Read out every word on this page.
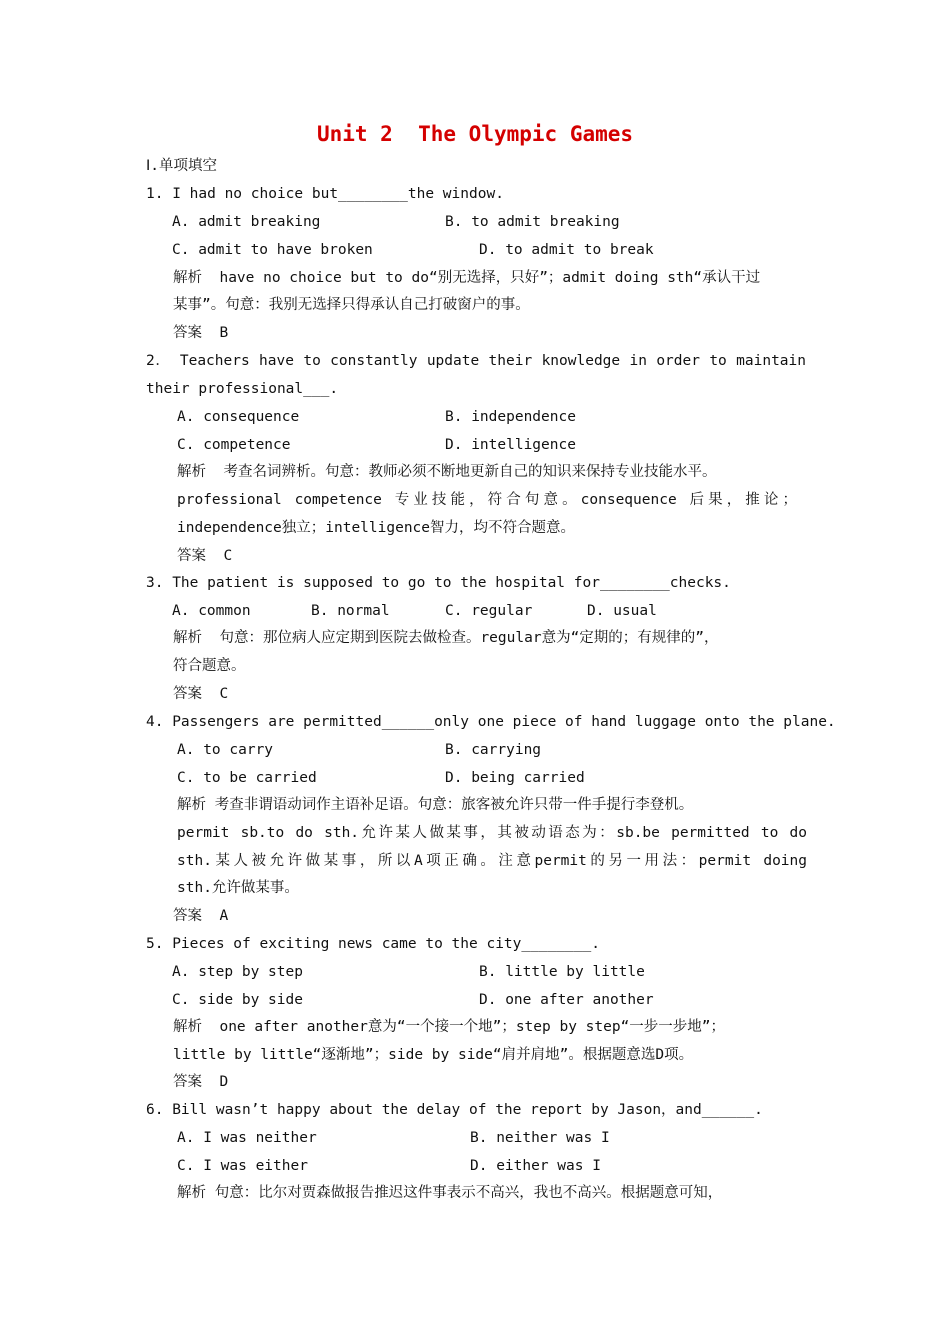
Unit 2  The Olympic Games
Ⅰ.单项填空
1. I had no choice but________the window.
A. admit breaking	B. to admit breaking
C. admit to have broken	D. to admit to break
解析  have no choice but to do“别无选择，只好”；admit doing sth“承认干过
某事”。句意：我别无选择只得承认自己打破窗户的事。
答案  B
2． Teachers have to constantly update their knowledge in order to maintain
their professional___.
A. consequence	B. independence
C. competence	D. intelligence
解析  考查名词辨析。句意：教师必须不断地更新自己的知识来保持专业技能水平。
professional competence 专业技能，符合句意。consequence 后果，推论；
independence独立；intelligence智力，均不符合题意。
答案  C
3. The patient is supposed to go to the hospital for________checks.
A. common	B. normal	C. regular	D. usual
解析  句意：那位病人应定期到医院去做检查。regular意为“定期的；有规律的”，
符合题意。
答案  C
4. Passengers are permitted______only one piece of hand luggage onto the plane.
A. to carry	B. carrying
C. to be carried	D. being carried
解析 考查非谓语动词作主语补足语。句意：旅客被允许只带一件手提行李登机。
permit sb.to do sth.允许某人做某事，其被动语态为：sb.be permitted to do
sth.某人被允许做某事，所以A项正确。注意permit的另一用法：permit doing
sth.允许做某事。
答案  A
5. Pieces of exciting news came to the city________.
A. step by step	B. little by little
C. side by side	D. one after another
解析  one after another意为“一个接一个地”；step by step“一步一步地”；
little by little“逐渐地”；side by side“肩并肩地”。根据题意选D项。
答案  D
6. Bill wasn’t happy about the delay of the report by Jason，and______.
A. I was neither	B. neither was I
C. I was either	D. either was I
解析 句意：比尔对贾森做报告推迟这件事表示不高兴，我也不高兴。根据题意可知，
